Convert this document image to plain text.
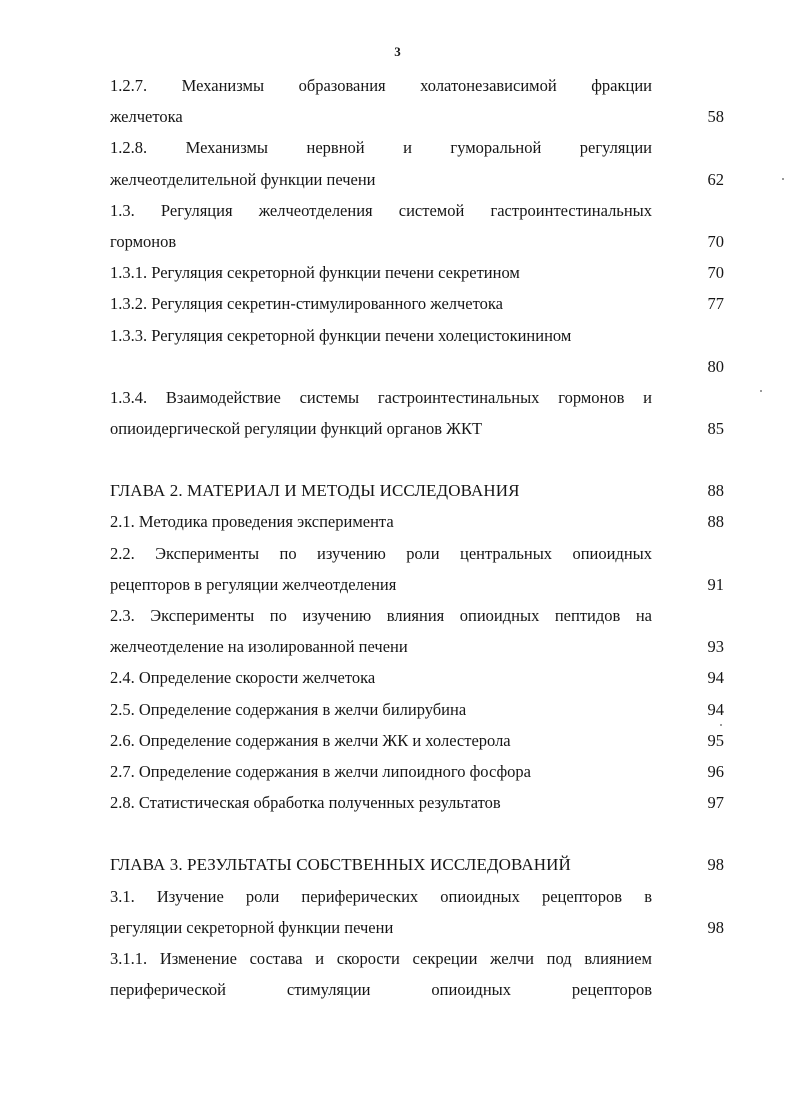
3
1.2.7. Механизмы образования холатонезависимой фракции
желчетока	58
1.2.8. Механизмы нервной и гуморальной регуляции
желчеотделительной функции печени	62
1.3. Регуляция желчеотделения системой гастроинтестинальных
гормонов	70
1.3.1. Регуляция секреторной функции печени секретином	70
1.3.2. Регуляция секретин-стимулированного желчетока	77
1.3.3. Регуляция секреторной функции печени холецистокинином
80
1.3.4. Взаимодействие системы гастроинтестинальных гормонов и
опиоидергической регуляции функций органов ЖКТ	85
ГЛАВА 2. МАТЕРИАЛ И МЕТОДЫ ИССЛЕДОВАНИЯ	88
2.1. Методика проведения эксперимента	88
2.2. Эксперименты по изучению роли центральных опиоидных
рецепторов в регуляции желчеотделения	91
2.3. Эксперименты по изучению влияния опиоидных пептидов на
желчеотделение на изолированной печени	93
2.4. Определение скорости желчетока	94
2.5. Определение содержания в желчи билирубина	94
2.6. Определение содержания в желчи ЖК и холестерола	95
2.7. Определение содержания в желчи липоидного фосфора	96
2.8. Статистическая обработка полученных результатов	97
ГЛАВА 3. РЕЗУЛЬТАТЫ СОБСТВЕННЫХ ИССЛЕДОВАНИЙ	98
3.1. Изучение роли периферических опиоидных рецепторов в
регуляции секреторной функции печени	98
3.1.1. Изменение состава и скорости секреции желчи под влиянием
периферической стимуляции опиоидных рецепторов
